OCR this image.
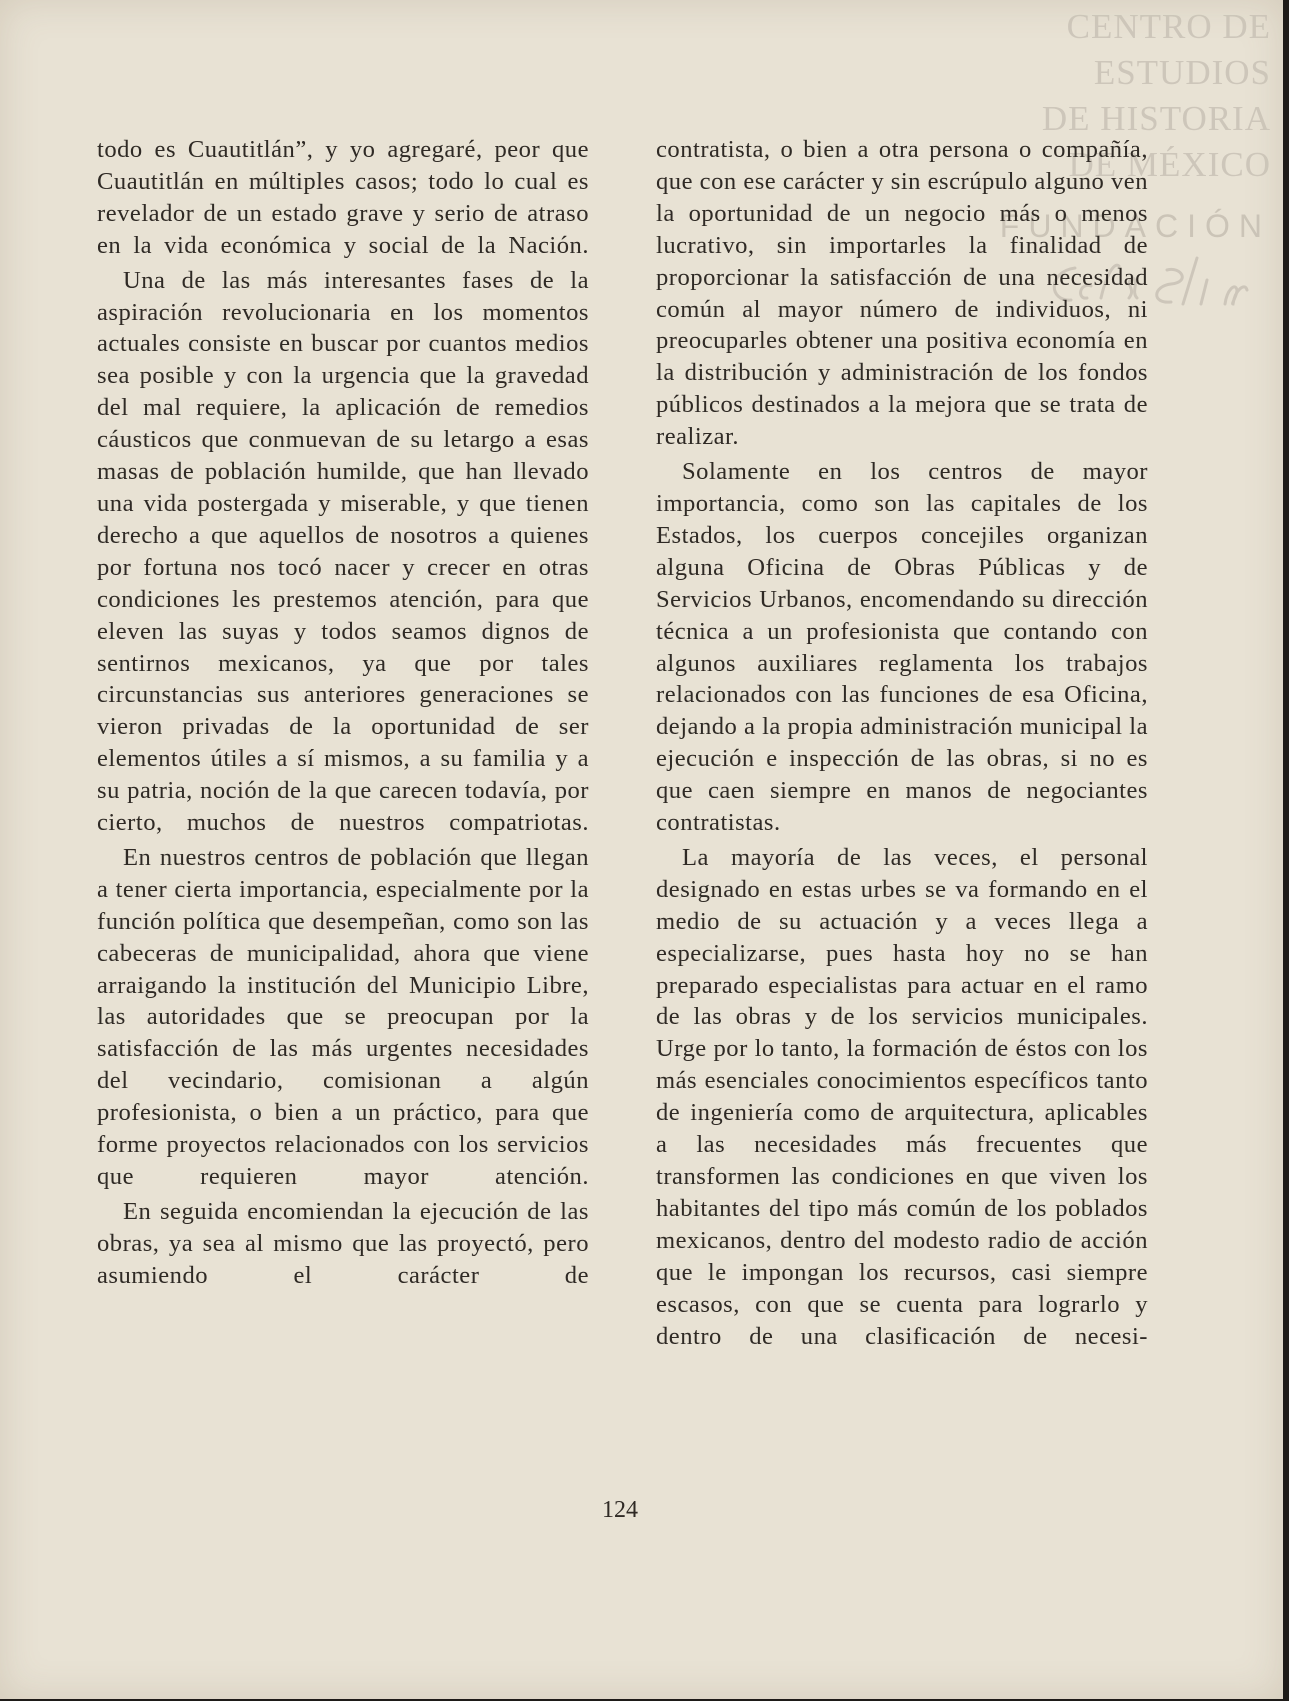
CENTRO DE
ESTUDIOS
DE HISTORIA
DE MÉXICO
FUNDACIÓN

todo es Cuautitlán”, y yo agregaré, peor que Cuautitlán en múltiples casos; todo lo cual es revelador de un estado grave y serio de atraso en la vida económica y social de la Nación.

Una de las más interesantes fases de la aspiración revolucionaria en los momentos actuales consiste en buscar por cuantos medios sea posible y con la urgencia que la gravedad del mal requiere, la aplicación de remedios cáusticos que conmuevan de su letargo a esas masas de población humilde, que han llevado una vida postergada y miserable, y que tienen derecho a que aquellos de nosotros a quienes por fortuna nos tocó nacer y crecer en otras condiciones les prestemos atención, para que eleven las suyas y todos seamos dignos de sentirnos mexicanos, ya que por tales circunstancias sus anteriores generaciones se vieron privadas de la oportunidad de ser elementos útiles a sí mismos, a su familia y a su patria, noción de la que carecen todavía, por cierto, muchos de nuestros compatriotas.

En nuestros centros de población que llegan a tener cierta importancia, especialmente por la función política que desempeñan, como son las cabeceras de municipalidad, ahora que viene arraigando la institución del Municipio Libre, las autoridades que se preocupan por la satisfacción de las más urgentes necesidades del vecindario, comisionan a algún profesionista, o bien a un práctico, para que forme proyectos relacionados con los servicios que requieren mayor atención.

En seguida encomiendan la ejecución de las obras, ya sea al mismo que las proyectó, pero asumiendo el carácter de

contratista, o bien a otra persona o compañía, que con ese carácter y sin escrúpulo alguno ven la oportunidad de un negocio más o menos lucrativo, sin importarles la finalidad de proporcionar la satisfacción de una necesidad común al mayor número de individuos, ni preocuparles obtener una positiva economía en la distribución y administración de los fondos públicos destinados a la mejora que se trata de realizar.

Solamente en los centros de mayor importancia, como son las capitales de los Estados, los cuerpos concejiles organizan alguna Oficina de Obras Públicas y de Servicios Urbanos, encomendando su dirección técnica a un profesionista que contando con algunos auxiliares reglamenta los trabajos relacionados con las funciones de esa Oficina, dejando a la propia administración municipal la ejecución e inspección de las obras, si no es que caen siempre en manos de negociantes contratistas.

La mayoría de las veces, el personal designado en estas urbes se va formando en el medio de su actuación y a veces llega a especializarse, pues hasta hoy no se han preparado especialistas para actuar en el ramo de las obras y de los servicios municipales. Urge por lo tanto, la formación de éstos con los más esenciales conocimientos específicos tanto de ingeniería como de arquitectura, aplicables a las necesidades más frecuentes que transformen las condiciones en que viven los habitantes del tipo más común de los poblados mexicanos, dentro del modesto radio de acción que le impongan los recursos, casi siempre escasos, con que se cuenta para lograrlo y dentro de una clasificación de necesi-

124
